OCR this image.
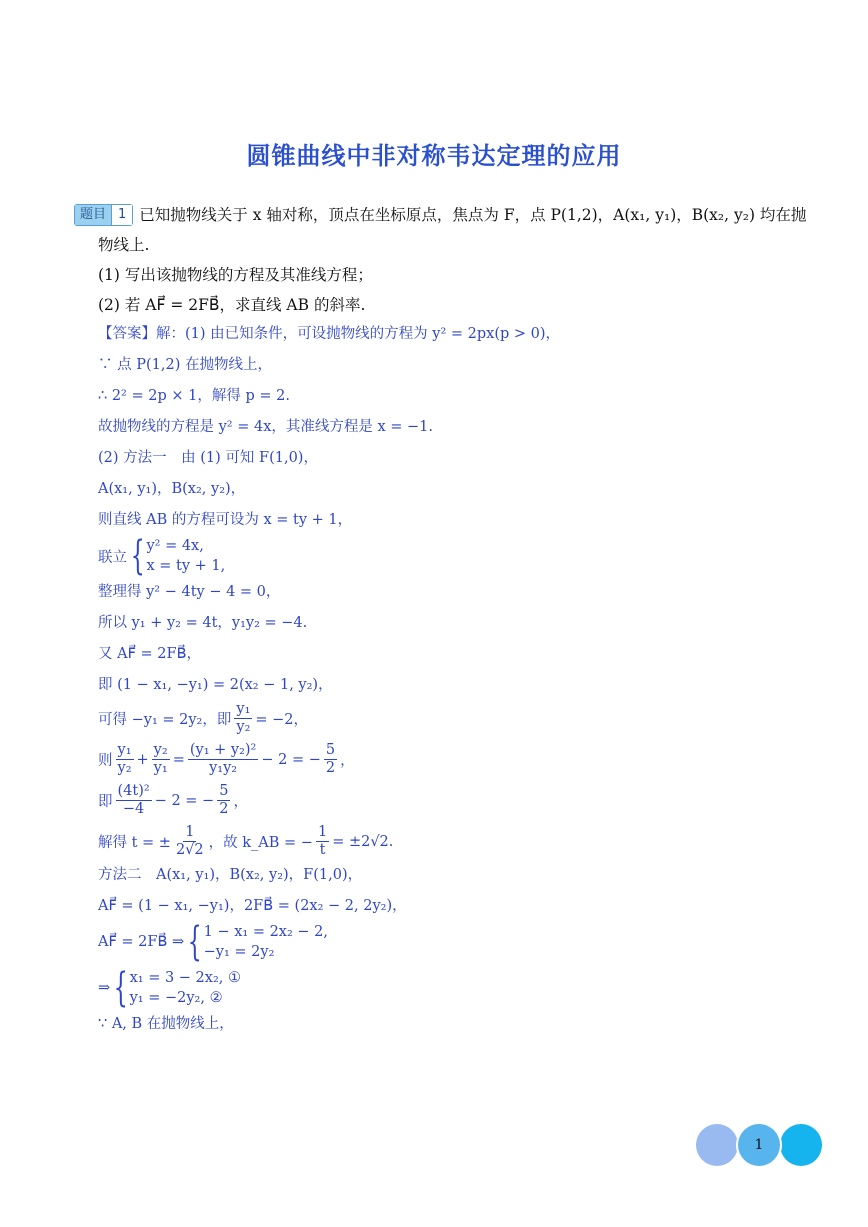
圆锥曲线中非对称韦达定理的应用
题目 1 已知抛物线关于 x 轴对称，顶点在坐标原点，焦点为 F，点 P(1,2)，A(x₁, y₁)，B(x₂, y₂) 均在抛
物线上.
(1) 写出该抛物线的方程及其准线方程；
(2) 若 AF⃗ = 2FB⃗，求直线 AB 的斜率.
【答案】解：(1) 由已知条件，可设抛物线的方程为 y² = 2px(p > 0)，
∵ 点 P(1,2) 在抛物线上，
∴ 2² = 2p × 1，解得 p = 2.
故抛物线的方程是 y² = 4x，其准线方程是 x = −1.
(2) 方法一　由 (1) 可知 F(1,0)，
A(x₁, y₁)，B(x₂, y₂)，
则直线 AB 的方程可设为 x = ty + 1，
联立 { y² = 4x,
x = ty + 1,
整理得 y² − 4ty − 4 = 0，
所以 y₁ + y₂ = 4t，y₁y₂ = −4.
又 AF⃗ = 2FB⃗，
即 (1 − x₁, −y₁) = 2(x₂ − 1, y₂)，
可得 −y₁ = 2y₂，即 $\frac{\text{y₁}}{\text{y₂}} = -2$，
则 $\frac{\text{y₁}}{\text{y₂}} + \frac{\text{y₂}}{\text{y₁}} = \frac{\text{(y₁ + y₂)²}}{\text{y₁y₂}} - 2$ = − $\frac{5}{2}$ ，
即 $\frac{\text{(4t)²}}{-4} - 2$ = − $\frac{5}{2}$ ，
解得 t = ± $\frac{1}{2√2}$ ，故 k_AB = − $\frac{1}{t} = \pm 2√2$.
方法二　A(x₁, y₁)，B(x₂, y₂)，F(1,0)，
AF⃗ = (1 − x₁, −y₁)，2FB⃗ = (2x₂ − 2, 2y₂)，
AF⃗ = 2FB⃗ ⇒ { 1 − x₁ = 2x₂ − 2,
−y₁ = 2y₂
⇒ { x₁ = 3 − 2x₂, ①
y₁ = −2y₂, ②
∵ A, B 在抛物线上，
1
